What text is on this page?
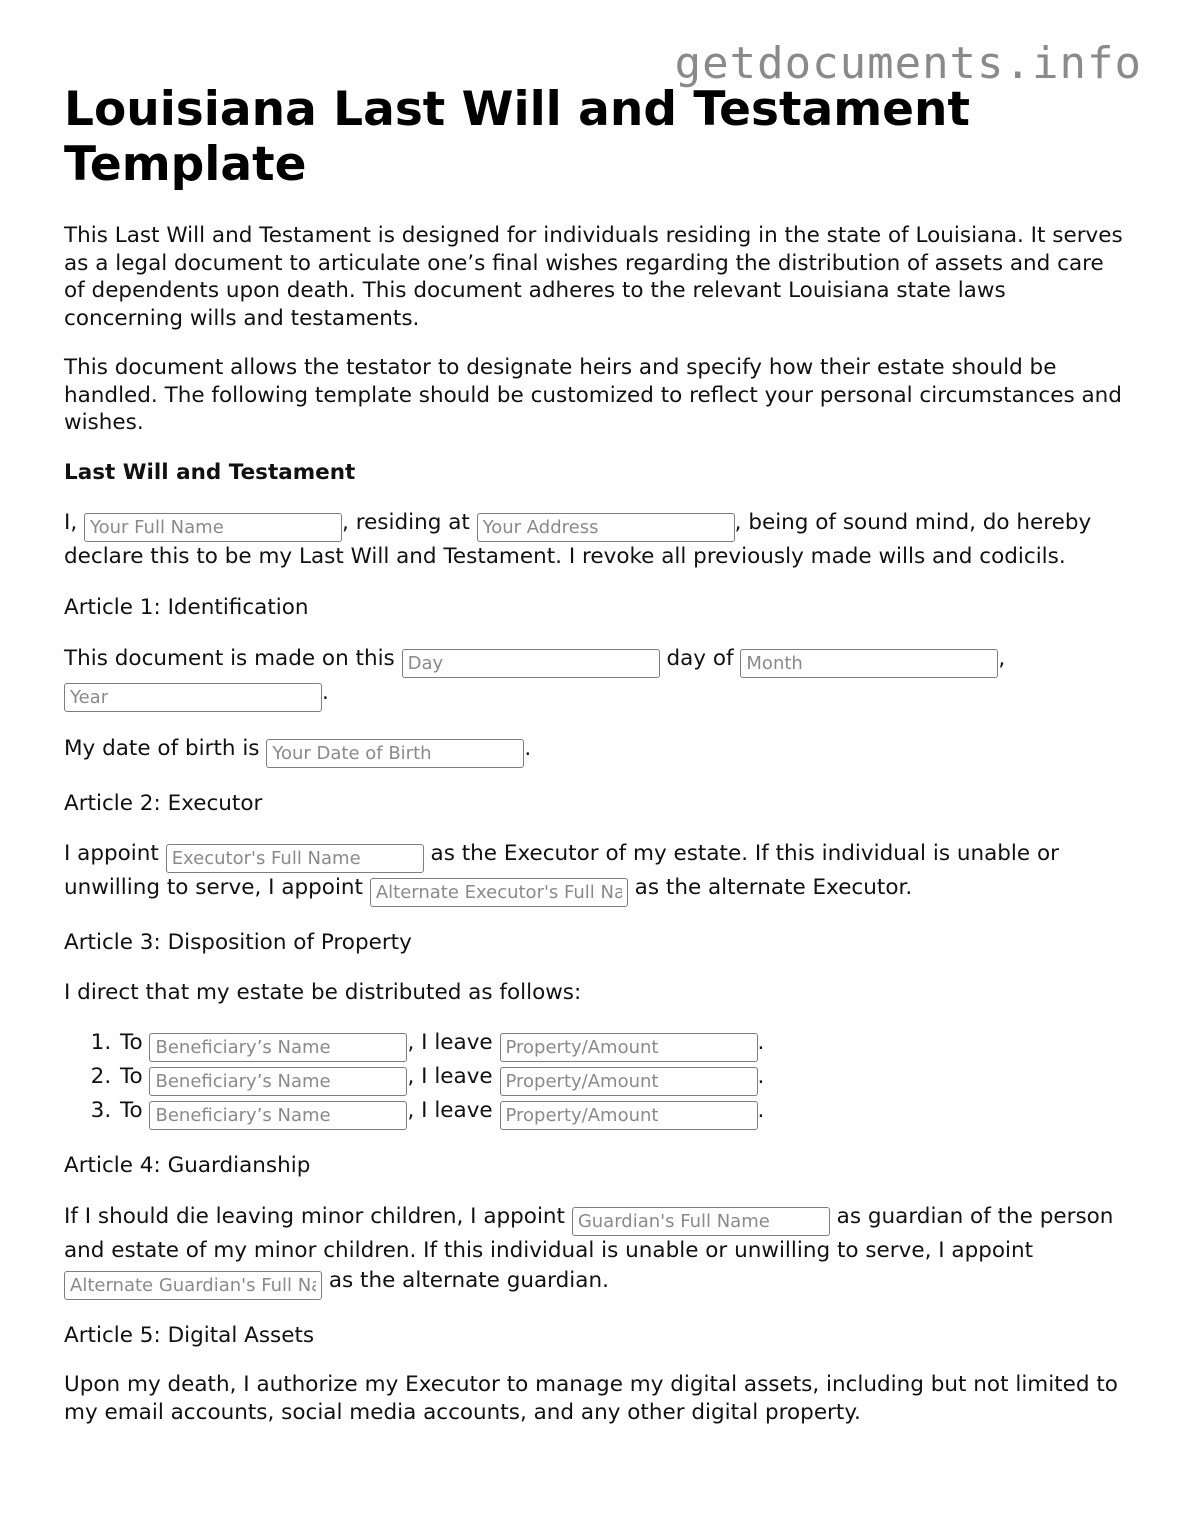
getdocuments.info
Louisiana Last Will and Testament Template

This Last Will and Testament is designed for individuals residing in the state of Louisiana. It serves as a legal document to articulate one’s final wishes regarding the distribution of assets and care of dependents upon death. This document adheres to the relevant Louisiana state laws concerning wills and testaments.

This document allows the testator to designate heirs and specify how their estate should be handled. The following template should be customized to reflect your personal circumstances and wishes.

Last Will and Testament

I, Your Full Name	, residing at Your Address	, being of sound mind, do hereby declare this to be my Last Will and Testament. I revoke all previously made wills and codicils.

Article 1: Identification

This document is made on this Day	day of Month	, Year.

My date of birth is Your Date of Birth	.

Article 2: Executor

I appoint Executor's Full Name	as the Executor of my estate. If this individual is unable or unwilling to serve, I appoint Alternate Executor's Full Name	as the alternate Executor.

Article 3: Disposition of Property

I direct that my estate be distributed as follows:

1. To Beneficiary’s Name	, I leave Property/Amount	.
2. To Beneficiary’s Name	, I leave Property/Amount	.
3. To Beneficiary’s Name	, I leave Property/Amount	.
Article 4: Guardianship

If I should die leaving minor children, I appoint Guardian's Full Name	as guardian of the person and estate of my minor children. If this individual is unable or unwilling to serve, I appoint Alternate Guardian's Full Name as the alternate guardian.

Article 5: Digital Assets

Upon my death, I authorize my Executor to manage my digital assets, including but not limited to my email accounts, social media accounts, and any other digital property.
